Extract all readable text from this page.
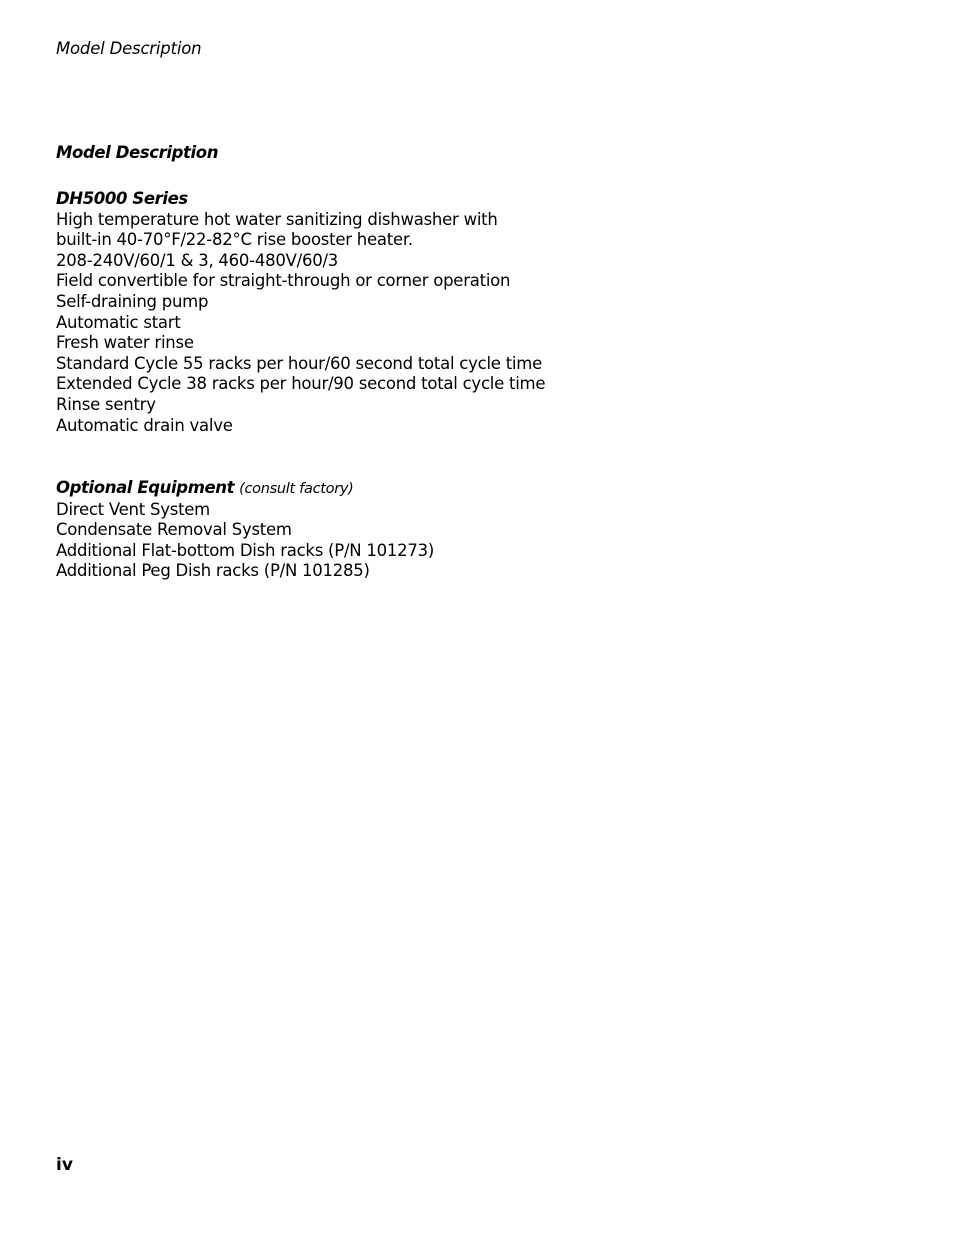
Model Description
Model Description
DH5000 Series
High temperature hot water sanitizing dishwasher with
built-in 40-70°F/22-82°C rise booster heater.
208-240V/60/1 & 3, 460-480V/60/3
Field convertible for straight-through or corner operation
Self-draining pump
Automatic start
Fresh water rinse
Standard Cycle 55 racks per hour/60 second total cycle time
Extended Cycle 38 racks per hour/90 second total cycle time
Rinse sentry
Automatic drain valve
Optional Equipment (consult factory)
Direct Vent System
Condensate Removal System
Additional Flat-bottom Dish racks (P/N 101273)
Additional Peg Dish racks (P/N 101285)
iv
